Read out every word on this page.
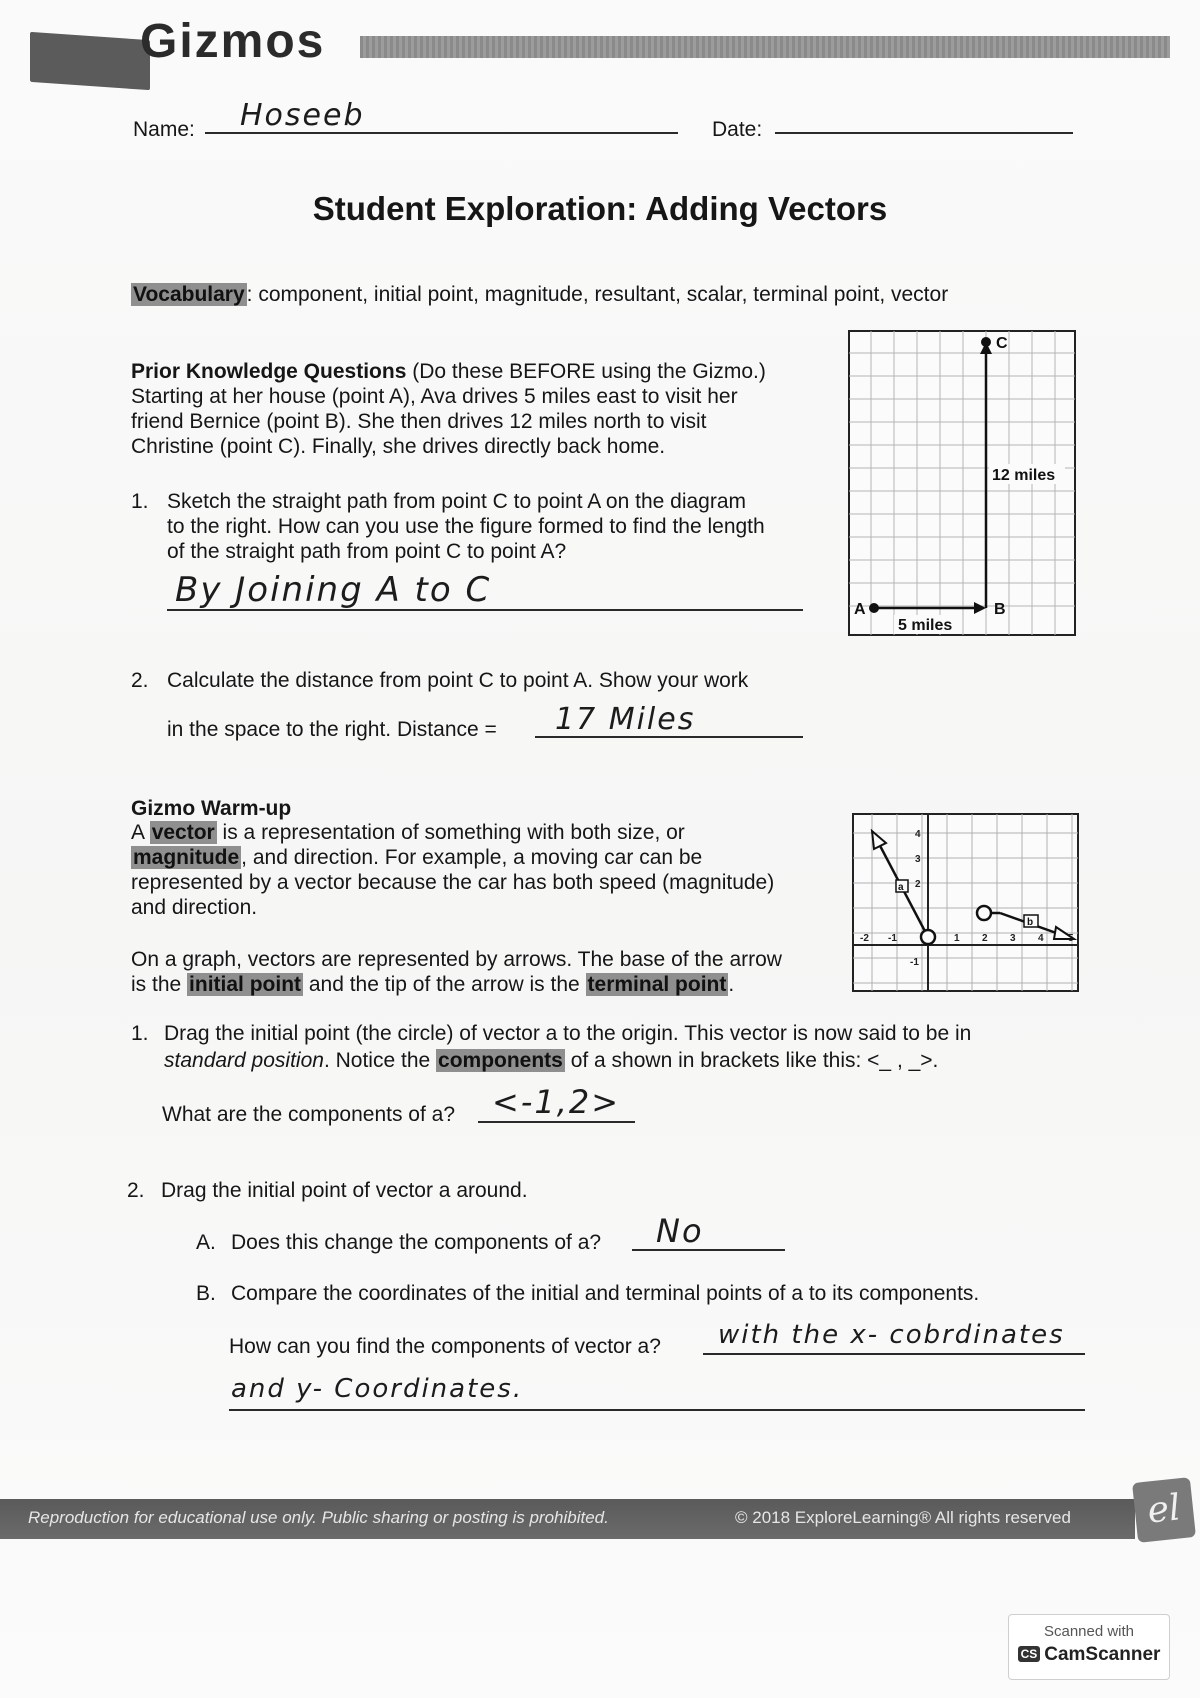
Gizmos
Name: Hoseeb	Date:
Student Exploration: Adding Vectors
Vocabulary: component, initial point, magnitude, resultant, scalar, terminal point, vector
Prior Knowledge Questions (Do these BEFORE using the Gizmo.)
Starting at her house (point A), Ava drives 5 miles east to visit her
friend Bernice (point B). She then drives 12 miles north to visit
Christine (point C). Finally, she drives directly back home.
1. Sketch the straight path from point C to point A on the diagram
to the right. How can you use the figure formed to find the length
of the straight path from point C to point A?
By Joining A to C
2. Calculate the distance from point C to point A. Show your work
in the space to the right. Distance = 17 Miles
12 miles
A	B
C
5 miles
Gizmo Warm-up
A vector is a representation of something with both size, or
magnitude, and direction. For example, a moving car can be
represented by a vector because the car has both speed (magnitude)
and direction.
On a graph, vectors are represented by arrows. The base of the arrow
is the initial point and the tip of the arrow is the terminal point.
4
3
2
-1
-2 -1	1 2 3 4
a
b
1. Drag the initial point (the circle) of vector a to the origin. This vector is now said to be in
standard position. Notice the components of a shown in brackets like this: <_ , _>.
What are the components of a? <-1,2>
2. Drag the initial point of vector a around.
A. Does this change the components of a? No
B. Compare the coordinates of the initial and terminal points of a to its components.
How can you find the components of vector a? with the x- cobrdinates
and y- Coordinates.
Reproduction for educational use only. Public sharing or posting is prohibited.	© 2018 ExploreLearning® All rights reserved	el
Scanned with
CS CamScanner
